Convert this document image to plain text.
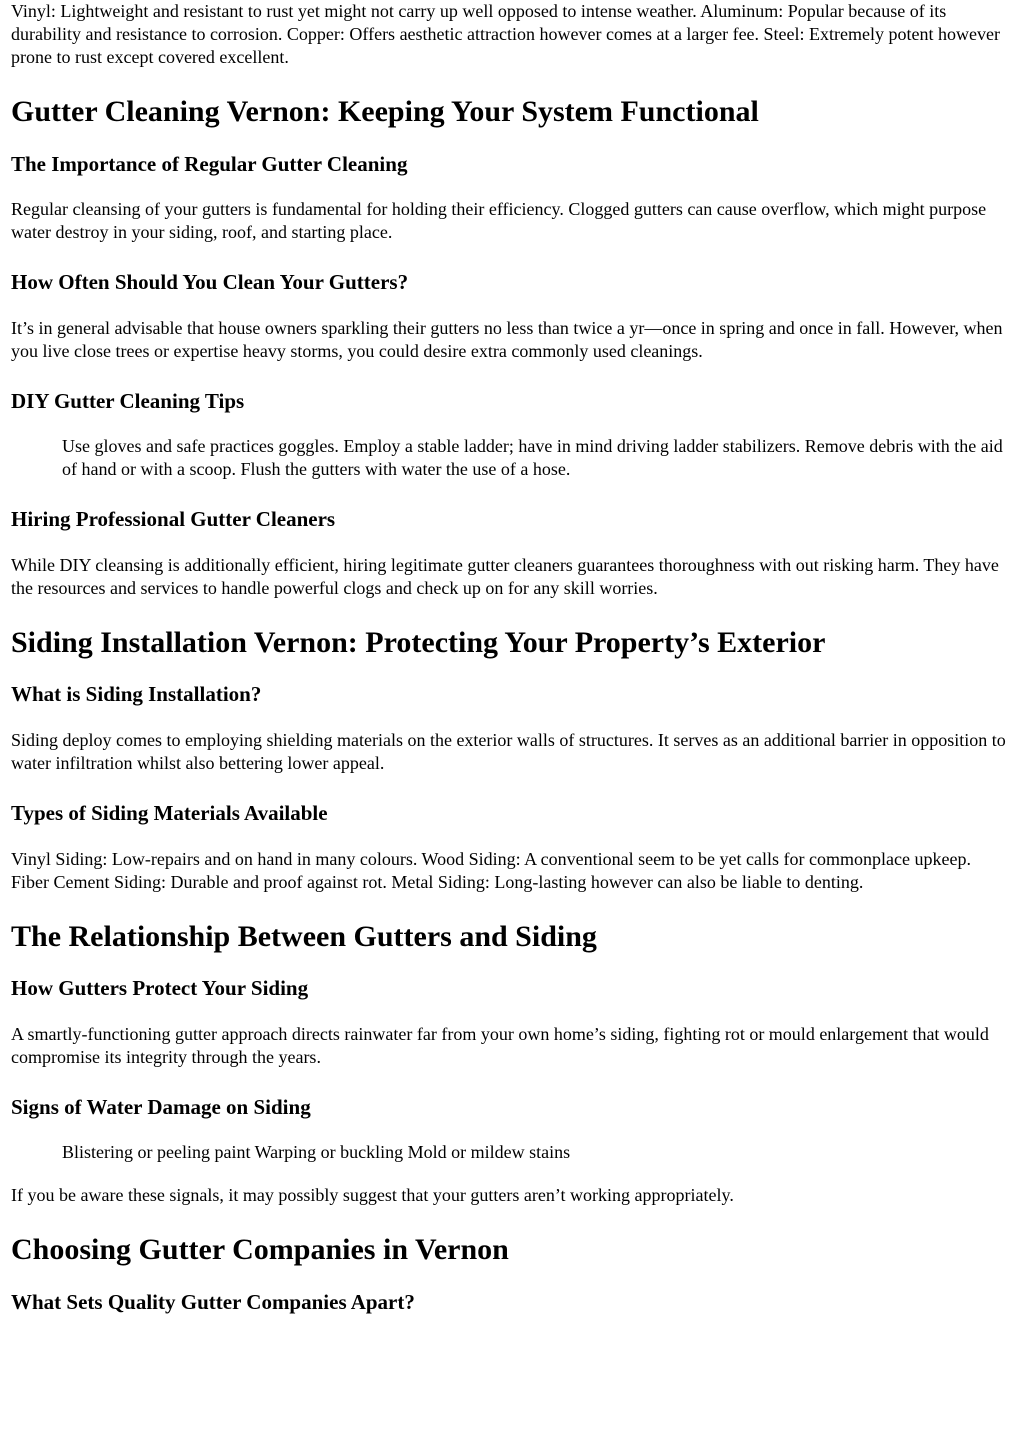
Vinyl: Lightweight and resistant to rust yet might not carry up well opposed to intense weather. Aluminum: Popular because of its durability and resistance to corrosion. Copper: Offers aesthetic attraction however comes at a larger fee. Steel: Extremely potent however prone to rust except covered excellent.

Gutter Cleaning Vernon: Keeping Your System Functional
The Importance of Regular Gutter Cleaning

Regular cleansing of your gutters is fundamental for holding their efficiency. Clogged gutters can cause overflow, which might purpose water destroy in your siding, roof, and starting place.

How Often Should You Clean Your Gutters?

It’s in general advisable that house owners sparkling their gutters no less than twice a yr—once in spring and once in fall. However, when you live close trees or expertise heavy storms, you could desire extra commonly used cleanings.

DIY Gutter Cleaning Tips

Use gloves and safe practices goggles. Employ a stable ladder; have in mind driving ladder stabilizers. Remove debris with the aid of hand or with a scoop. Flush the gutters with water the use of a hose.

Hiring Professional Gutter Cleaners

While DIY cleansing is additionally efficient, hiring legitimate gutter cleaners guarantees thoroughness with out risking harm. They have the resources and services to handle powerful clogs and check up on for any skill worries.

Siding Installation Vernon: Protecting Your Property’s Exterior
What is Siding Installation?

Siding deploy comes to employing shielding materials on the exterior walls of structures. It serves as an additional barrier in opposition to water infiltration whilst also bettering lower appeal.

Types of Siding Materials Available

Vinyl Siding: Low-repairs and on hand in many colours. Wood Siding: A conventional seem to be yet calls for commonplace upkeep. Fiber Cement Siding: Durable and proof against rot. Metal Siding: Long-lasting however can also be liable to denting.

The Relationship Between Gutters and Siding
How Gutters Protect Your Siding

A smartly-functioning gutter approach directs rainwater far from your own home’s siding, fighting rot or mould enlargement that would compromise its integrity through the years.

Signs of Water Damage on Siding

Blistering or peeling paint Warping or buckling Mold or mildew stains

If you be aware these signals, it may possibly suggest that your gutters aren’t working appropriately.

Choosing Gutter Companies in Vernon
What Sets Quality Gutter Companies Apart?
